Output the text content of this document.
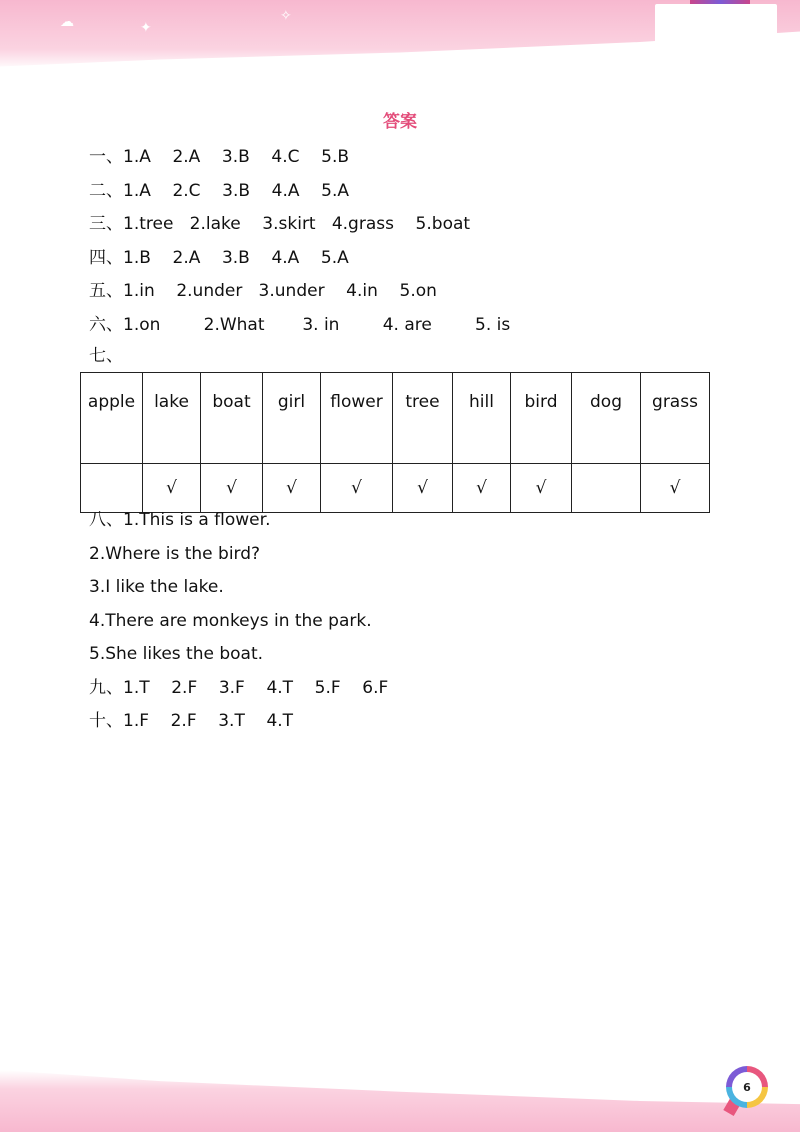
✦
✧
☁
答案
一、1.A    2.A    3.B    4.C    5.B
二、1.A    2.C    3.B    4.A    5.A
三、1.tree   2.lake    3.skirt   4.grass    5.boat
四、1.B    2.A    3.B    4.A    5.A
五、1.in    2.under   3.under    4.in    5.on
六、1.on        2.What       3. in        4. are        5. is
七、
apple	lake	boat	girl	flower	tree	hill	bird	dog	grass
	√	√	√	√	√	√	√		√
八、1.This is a flower.
2.Where is the bird?
3.I like the lake.
4.There are monkeys in the park.
5.She likes the boat.
九、1.T    2.F    3.F    4.T    5.F    6.F
十、1.F    2.F    3.T    4.T
6
